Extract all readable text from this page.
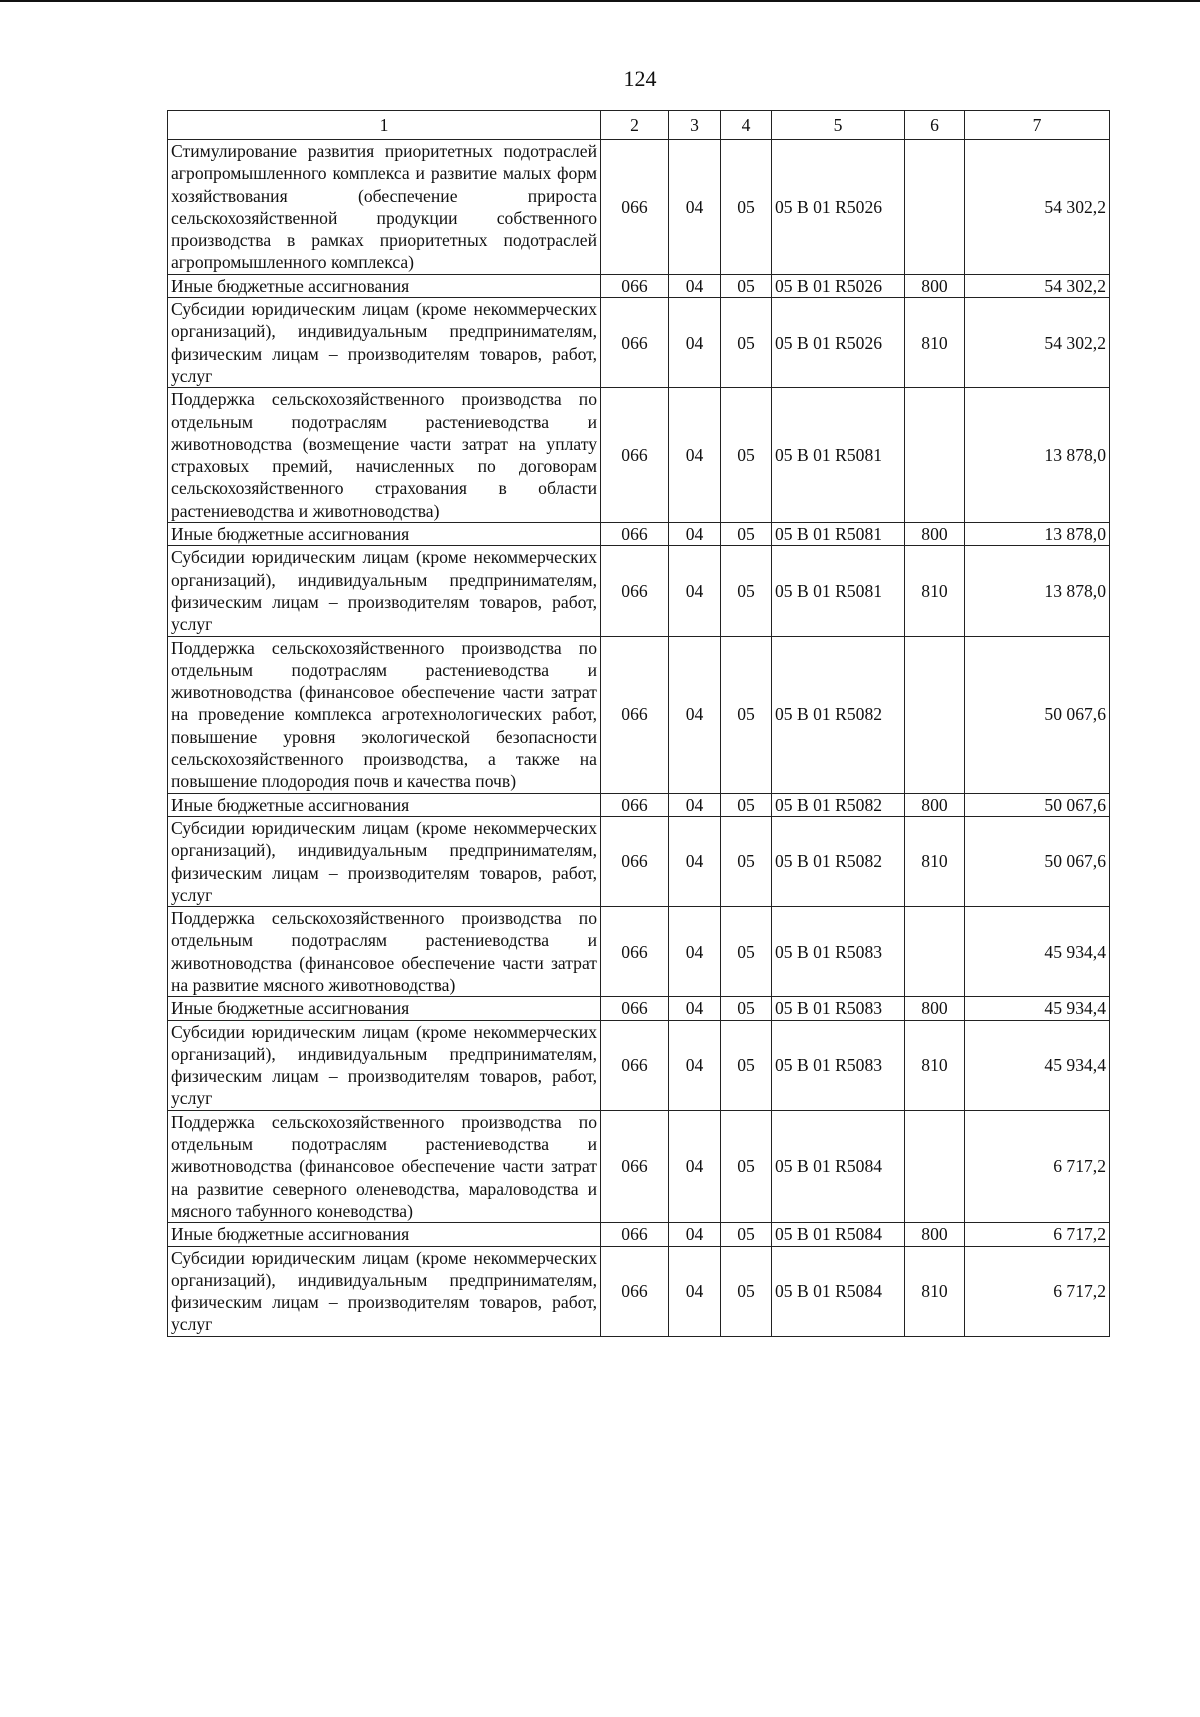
124
1	2	3	4	5	6	7
Стимулирование развития приоритетных подотраслей агропромышленного комплекса и развитие малых форм хозяйствования (обеспечение прироста сельскохозяйственной продукции собственного производства в рамках приоритетных подотраслей агропромышленного комплекса)	066	04	05	05 B 01 R5026		54 302,2
Иные бюджетные ассигнования	066	04	05	05 B 01 R5026	800	54 302,2
Субсидии юридическим лицам (кроме некоммерческих организаций), индивидуальным предпринимателям, физическим лицам – производителям товаров, работ, услуг	066	04	05	05 B 01 R5026	810	54 302,2
Поддержка сельскохозяйственного производства по отдельным подотраслям растениеводства и животноводства (возмещение части затрат на уплату страховых премий, начисленных по договорам сельскохозяйственного страхования в области растениеводства и животноводства)	066	04	05	05 B 01 R5081		13 878,0
Иные бюджетные ассигнования	066	04	05	05 B 01 R5081	800	13 878,0
Субсидии юридическим лицам (кроме некоммерческих организаций), индивидуальным предпринимателям, физическим лицам – производителям товаров, работ, услуг	066	04	05	05 B 01 R5081	810	13 878,0
Поддержка сельскохозяйственного производства по отдельным подотраслям растениеводства и животноводства (финансовое обеспечение части затрат на проведение комплекса агротехнологических работ, повышение уровня экологической безопасности сельскохозяйственного производства, а также на повышение плодородия почв и качества почв)	066	04	05	05 B 01 R5082		50 067,6
Иные бюджетные ассигнования	066	04	05	05 B 01 R5082	800	50 067,6
Субсидии юридическим лицам (кроме некоммерческих организаций), индивидуальным предпринимателям, физическим лицам – производителям товаров, работ, услуг	066	04	05	05 B 01 R5082	810	50 067,6
Поддержка сельскохозяйственного производства по отдельным подотраслям растениеводства и животноводства (финансовое обеспечение части затрат на развитие мясного животноводства)	066	04	05	05 B 01 R5083		45 934,4
Иные бюджетные ассигнования	066	04	05	05 B 01 R5083	800	45 934,4
Субсидии юридическим лицам (кроме некоммерческих организаций), индивидуальным предпринимателям, физическим лицам – производителям товаров, работ, услуг	066	04	05	05 B 01 R5083	810	45 934,4
Поддержка сельскохозяйственного производства по отдельным подотраслям растениеводства и животноводства (финансовое обеспечение части затрат на развитие северного оленеводства, мараловодства и мясного табунного коневодства)	066	04	05	05 B 01 R5084		6 717,2
Иные бюджетные ассигнования	066	04	05	05 B 01 R5084	800	6 717,2
Субсидии юридическим лицам (кроме некоммерческих организаций), индивидуальным предпринимателям, физическим лицам – производителям товаров, работ, услуг	066	04	05	05 B 01 R5084	810	6 717,2
